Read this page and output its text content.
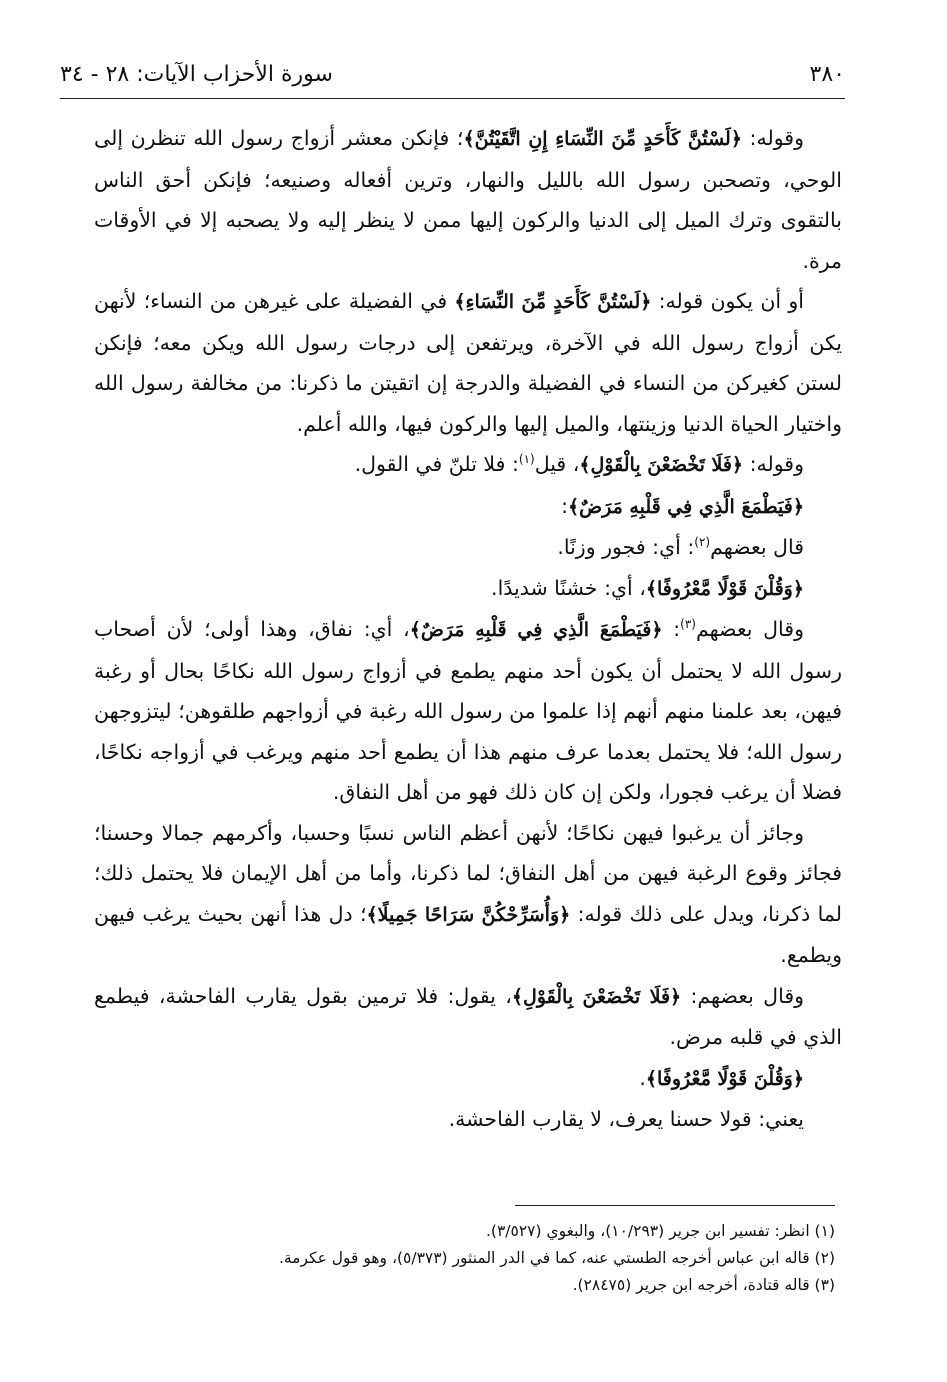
٣٨٠
سورة الأحزاب الآيات: ٢٨ - ٣٤

وقوله: ﴿لَسْتُنَّ كَأَحَدٍ مِّنَ النِّسَاءِ إِنِ اتَّقَيْتُنَّ﴾؛ فإنكن معشر أزواج رسول الله تنظرن إلى الوحي، وتصحبن رسول الله بالليل والنهار، وترين أفعاله وصنيعه؛ فإنكن أحق الناس بالتقوى وترك الميل إلى الدنيا والركون إليها ممن لا ينظر إليه ولا يصحبه إلا في الأوقات مرة.

أو أن يكون قوله: ﴿لَسْتُنَّ كَأَحَدٍ مِّنَ النِّسَاءِ﴾ في الفضيلة على غيرهن من النساء؛ لأنهن يكن أزواج رسول الله في الآخرة، ويرتفعن إلى درجات رسول الله ويكن معه؛ فإنكن لستن كغيركن من النساء في الفضيلة والدرجة إن اتقيتن ما ذكرنا: من مخالفة رسول الله واختيار الحياة الدنيا وزينتها، والميل إليها والركون فيها، والله أعلم.

وقوله: ﴿فَلَا تَخْضَعْنَ بِالْقَوْلِ﴾، قيل$^{(١)}$: فلا تلنّ في القول.

﴿فَيَطْمَعَ الَّذِي فِي قَلْبِهِ مَرَضٌ﴾:

قال بعضهم$^{(٢)}$: أي: فجور وزنًا.

﴿وَقُلْنَ قَوْلًا مَّعْرُوفًا﴾، أي: خشنًا شديدًا.

وقال بعضهم$^{(٣)}$: ﴿فَيَطْمَعَ الَّذِي فِي قَلْبِهِ مَرَضٌ﴾، أي: نفاق، وهذا أولى؛ لأن أصحاب رسول الله لا يحتمل أن يكون أحد منهم يطمع في أزواج رسول الله نكاحًا بحال أو رغبة فيهن، بعد علمنا منهم أنهم إذا علموا من رسول الله رغبة في أزواجهم طلقوهن؛ ليتزوجهن رسول الله؛ فلا يحتمل بعدما عرف منهم هذا أن يطمع أحد منهم ويرغب في أزواجه نكاحًا، فضلا أن يرغب فجورا، ولكن إن كان ذلك فهو من أهل النفاق.

وجائز أن يرغبوا فيهن نكاحًا؛ لأنهن أعظم الناس نسبًا وحسبا، وأكرمهم جمالا وحسنا؛ فجائز وقوع الرغبة فيهن من أهل النفاق؛ لما ذكرنا، وأما من أهل الإيمان فلا يحتمل ذلك؛ لما ذكرنا، ويدل على ذلك قوله: ﴿وَأُسَرِّحْكُنَّ سَرَاحًا جَمِيلًا﴾؛ دل هذا أنهن بحيث يرغب فيهن ويطمع.

وقال بعضهم: ﴿فَلَا تَخْضَعْنَ بِالْقَوْلِ﴾، يقول: فلا ترمين بقول يقارب الفاحشة، فيطمع الذي في قلبه مرض.

﴿وَقُلْنَ قَوْلًا مَّعْرُوفًا﴾.

يعني: قولا حسنا يعرف، لا يقارب الفاحشة.

(١) انظر: تفسير ابن جرير (١٠/٢٩٣)، والبغوي (٣/٥٢٧).

(٢) قاله ابن عباس أخرجه الطستي عنه، كما في الدر المنثور (٥/٣٧٣)، وهو قول عكرمة.

(٣) قاله قتادة، أخرجه ابن جرير (٢٨٤٧٥).
